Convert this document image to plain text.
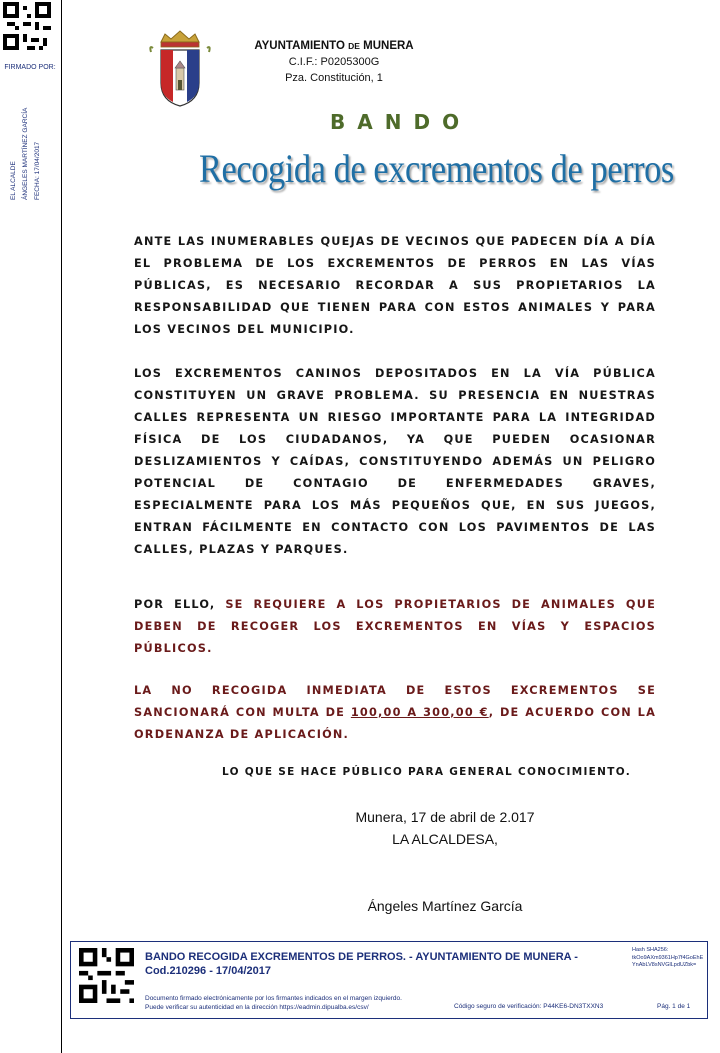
FIRMADO POR:
EL ALCALDE ÁNGELES MARTÍNEZ GARCÍA FECHA: 17/04/2017
AYUNTAMIENTO DE MUNERA
C.I.F.: P0205300G
Pza. Constitución, 1
BANDO
Recogida de excrementos de perros
ANTE LAS INUMERABLES QUEJAS DE VECINOS QUE PADECEN DÍA A DÍA EL PROBLEMA DE LOS EXCREMENTOS DE PERROS EN LAS VÍAS PÚBLICAS, ES NECESARIO RECORDAR A SUS PROPIETARIOS LA RESPONSABILIDAD QUE TIENEN PARA CON ESTOS ANIMALES Y PARA LOS VECINOS DEL MUNICIPIO.
LOS EXCREMENTOS CANINOS DEPOSITADOS EN LA VÍA PÚBLICA CONSTITUYEN UN GRAVE PROBLEMA. SU PRESENCIA EN NUESTRAS CALLES REPRESENTA UN RIESGO IMPORTANTE PARA LA INTEGRIDAD FÍSICA DE LOS CIUDADANOS, YA QUE PUEDEN OCASIONAR DESLIZAMIENTOS Y CAÍDAS, CONSTITUYENDO ADEMÁS UN PELIGRO POTENCIAL DE CONTAGIO DE ENFERMEDADES GRAVES, ESPECIALMENTE PARA LOS MÁS PEQUEÑOS QUE, EN SUS JUEGOS, ENTRAN FÁCILMENTE EN CONTACTO CON LOS PAVIMENTOS DE LAS CALLES, PLAZAS Y PARQUES.
POR ELLO, SE REQUIERE A LOS PROPIETARIOS DE ANIMALES QUE DEBEN DE RECOGER LOS EXCREMENTOS EN VÍAS Y ESPACIOS PÚBLICOS.
LA NO RECOGIDA INMEDIATA DE ESTOS EXCREMENTOS SE SANCIONARÁ CON MULTA DE 100,00 A 300,00 €, DE ACUERDO CON LA ORDENANZA DE APLICACIÓN.
LO QUE SE HACE PÚBLICO PARA GENERAL CONOCIMIENTO.
Munera, 17 de abril de 2.017
LA ALCALDESA,
Ángeles Martínez García
BANDO RECOGIDA EXCREMENTOS DE PERROS. - AYUNTAMIENTO DE MUNERA - Cod.210296 - 17/04/2017
Hash SHA256:
tkOo9AXm9361Hp7f4GoEhEYnAbLV8sNVGlLpdUZbk=
Documento firmado electrónicamente por los firmantes indicados en el margen izquierdo.
Puede verificar su autenticidad en la dirección https://eadmin.dipualba.es/csv/	Código seguro de verificación: P44KE6-DN3TXXN3	Pág. 1 de 1
